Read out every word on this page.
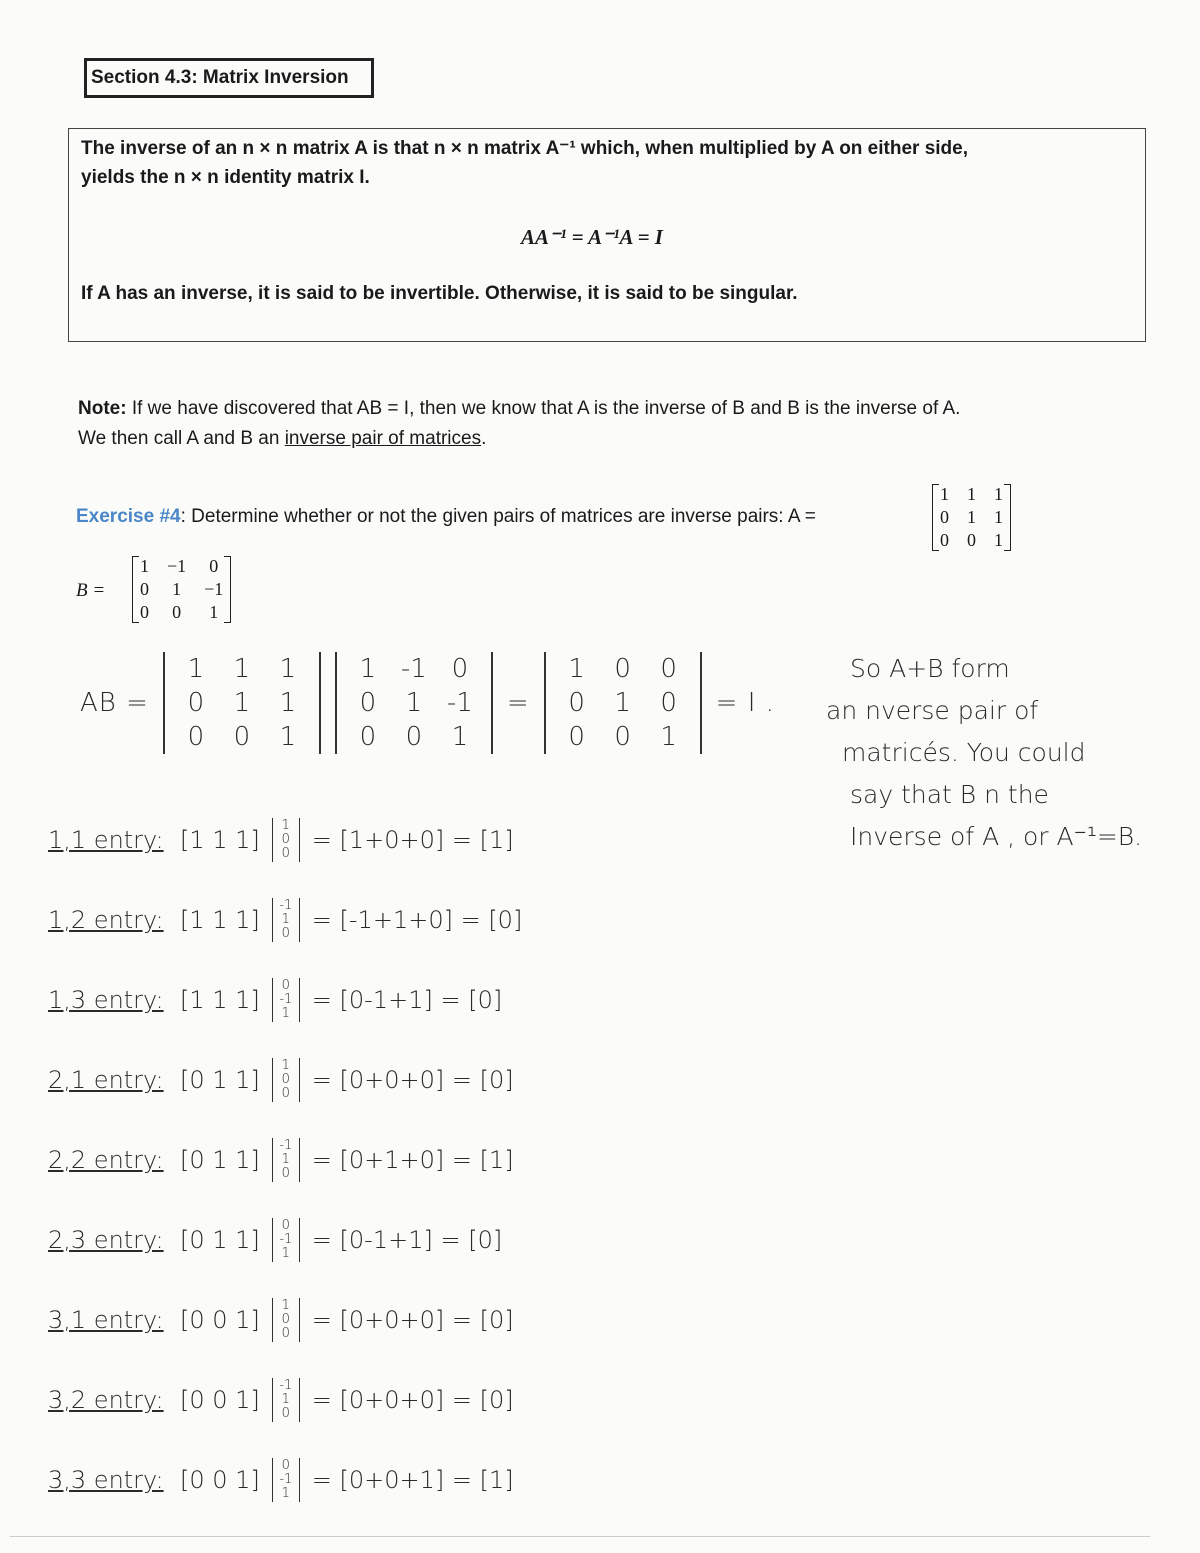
Section 4.3: Matrix Inversion
The inverse of an n × n matrix A is that n × n matrix A⁻¹ which, when multiplied by A on either side,
yields the n × n identity matrix I.
AA⁻¹ = A⁻¹A = I
If A has an inverse, it is said to be invertible. Otherwise, it is said to be singular.
Note: If we have discovered that AB = I, then we know that A is the inverse of B and B is the inverse of A.
We then call A and B an inverse pair of matrices.
Exercise #4: Determine whether or not the given pairs of matrices are inverse pairs: A =
1 1 1
0 1 1
0 0 1
B =
1 −1 0
0 1 −1
0 0 1
AB =
1	1	1
0	1	1
0	0	1
1 -1 0
0	1 -1
0	0	1
=
1	0	0
0	1	0
0	0	1
= I .
So A+B form
an nverse pair of
matricés. You could
say that B n the
Inverse of A , or A⁻¹=B.
1,1 entry: [1 1 1]
1
0
0 = [1+0+0] = [1]
1,2 entry: [1 1 1]
-1
1
0 = [-1+1+0] = [0]
1,3 entry: [1 1 1]
0
-1
1 = [0-1+1] = [0]
2,1 entry: [0 1 1]
1
0
0 = [0+0+0] = [0]
2,2 entry: [0 1 1]
-1
1
0 = [0+1+0] = [1]
2,3 entry: [0 1 1]
0
-1
1 = [0-1+1] = [0]
3,1 entry: [0 0 1]
1
0
0 = [0+0+0] = [0]
3,2 entry: [0 0 1]
-1
1
0 = [0+0+0] = [0]
3,3 entry: [0 0 1]
0
-1
1 = [0+0+1] = [1]
